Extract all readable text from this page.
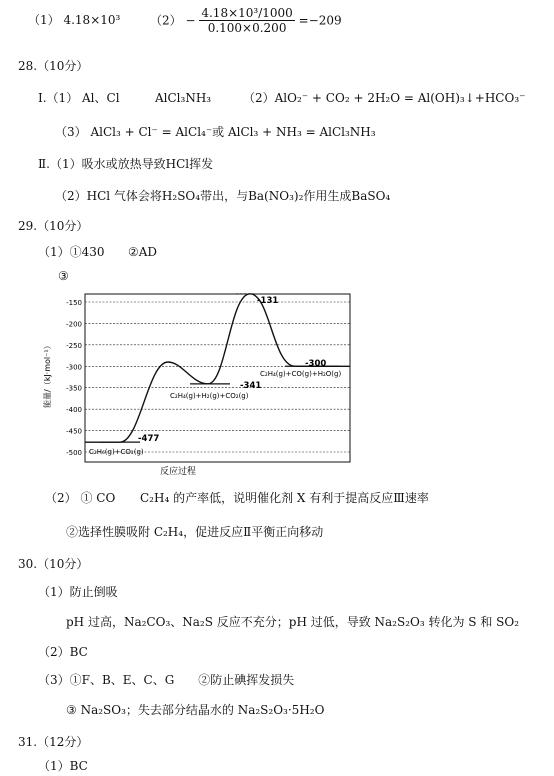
（1） 4.18×10³ $(2) - \frac{\text{4.18×10³/1000}}{0.100\times 0.200} =-209$
28.（10分）
Ⅰ.（1） Al、Cl	AlCl₃NH₃	（2）AlO₂⁻ + CO₂ + 2H₂O = Al(OH)₃↓+HCO₃⁻
（3） AlCl₃ + Cl⁻ = AlCl₄⁻或 AlCl₃ + NH₃ = AlCl₃NH₃
Ⅱ.（1）吸水或放热导致HCl挥发
（2）HCl 气体会将H₂SO₄带出，与Ba(NO₃)₂作用生成BaSO₄
29.（10分）
（1）①430 ②AD
③
-150
-200
-250
-300
-350
-400
-450
-500
能量/（kJ·mol⁻¹）
反应过程
-131
-300
C₂H₄(g)+CO(g)+H₂O(g)
-341
C₂H₄(g)+H₂(g)+CO₂(g)
-477
C₂H₆(g)+CO₂(g)
（2） ① CO C₂H₄ 的产率低，说明催化剂 X 有利于提高反应Ⅲ速率
②选择性膜吸附 C₂H₄，促进反应Ⅱ平衡正向移动
30.（10分）
（1）防止倒吸
pH 过高，Na₂CO₃、Na₂S 反应不充分；pH 过低，导致 Na₂S₂O₃ 转化为 S 和 SO₂
（2）BC
（3）①F、B、E、C、G　　②防止碘挥发损失
③ Na₂SO₃；失去部分结晶水的 Na₂S₂O₃·5H₂O
31.（12分）
（1）BC
